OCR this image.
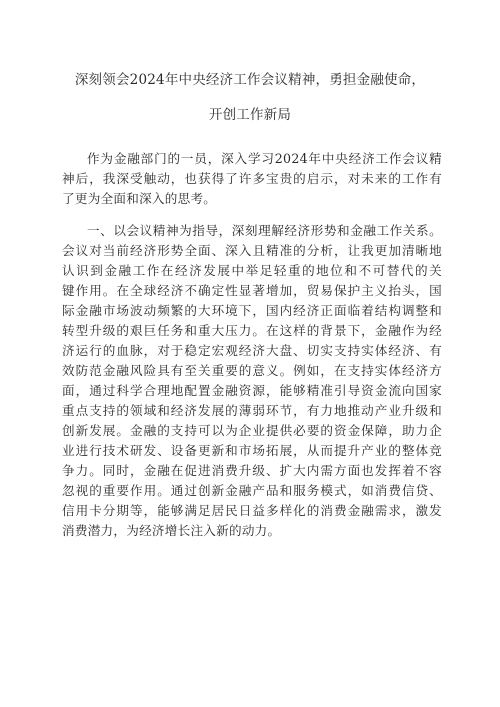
深刻领会2024年中央经济工作会议精神，勇担金融使命，
开创工作新局
作为金融部门的一员，深入学习2024年中央经济工作会议精
神后，我深受触动，也获得了许多宝贵的启示，对未来的工作有
了更为全面和深入的思考。
一、以会议精神为指导，深刻理解经济形势和金融工作关系。
会议对当前经济形势全面、深入且精准的分析，让我更加清晰地
认识到金融工作在经济发展中举足轻重的地位和不可替代的关
键作用。在全球经济不确定性显著增加，贸易保护主义抬头，国
际金融市场波动频繁的大环境下，国内经济正面临着结构调整和
转型升级的艰巨任务和重大压力。在这样的背景下，金融作为经
济运行的血脉，对于稳定宏观经济大盘、切实支持实体经济、有
效防范金融风险具有至关重要的意义。例如，在支持实体经济方
面，通过科学合理地配置金融资源，能够精准引导资金流向国家
重点支持的领域和经济发展的薄弱环节，有力地推动产业升级和
创新发展。金融的支持可以为企业提供必要的资金保障，助力企
业进行技术研发、设备更新和市场拓展，从而提升产业的整体竞
争力。同时，金融在促进消费升级、扩大内需方面也发挥着不容
忽视的重要作用。通过创新金融产品和服务模式，如消费信贷、
信用卡分期等，能够满足居民日益多样化的消费金融需求，激发
消费潜力，为经济增长注入新的动力。
